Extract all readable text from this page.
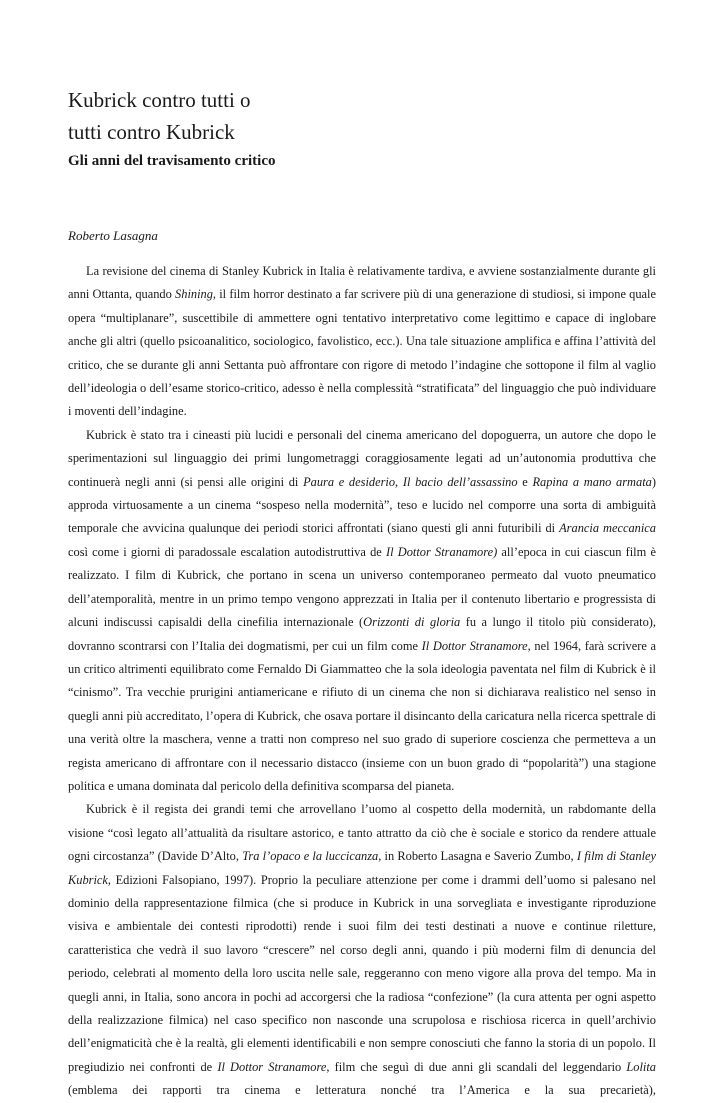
Kubrick contro tutti o
tutti contro Kubrick
Gli anni del travisamento critico

Roberto Lasagna

La revisione del cinema di Stanley Kubrick in Italia è relativamente tardiva, e avviene sostanzialmente durante gli anni Ottanta, quando Shining, il film horror destinato a far scrivere più di una generazione di studiosi, si impone quale opera “multiplanare”, suscettibile di ammettere ogni tentativo interpretativo come legittimo e capace di inglobare anche gli altri (quello psicoanalitico, sociologico, favolistico, ecc.). Una tale situazione amplifica e affina l’attività del critico, che se durante gli anni Settanta può affrontare con rigore di metodo l’indagine che sottopone il film al vaglio dell’ideologia o dell’esame storico-critico, adesso è nella complessità “stratificata” del linguaggio che può individuare i moventi dell’indagine.

Kubrick è stato tra i cineasti più lucidi e personali del cinema americano del dopoguerra, un autore che dopo le sperimentazioni sul linguaggio dei primi lungometraggi coraggiosamente legati ad un’autonomia produttiva che continuerà negli anni (si pensi alle origini di Paura e desiderio, Il bacio dell’assassino e Rapina a mano armata) approda virtuosamente a un cinema “sospeso nella modernità”, teso e lucido nel comporre una sorta di ambiguità temporale che avvicina qualunque dei periodi storici affrontati (siano questi gli anni futuribili di Arancia meccanica così come i giorni di paradossale escalation autodistruttiva de Il Dottor Stranamore) all’epoca in cui ciascun film è realizzato. I film di Kubrick, che portano in scena un universo contemporaneo permeato dal vuoto pneumatico dell’atemporalità, mentre in un primo tempo vengono apprezzati in Italia per il contenuto libertario e progressista di alcuni indiscussi capisaldi della cinefilia internazionale (Orizzonti di gloria fu a lungo il titolo più considerato), dovranno scontrarsi con l’Italia dei dogmatismi, per cui un film come Il Dottor Stranamore, nel 1964, farà scrivere a un critico altrimenti equilibrato come Fernaldo Di Giammatteo che la sola ideologia paventata nel film di Kubrick è il “cinismo”. Tra vecchie prurigini antiamericane e rifiuto di un cinema che non si dichiarava realistico nel senso in quegli anni più accreditato, l’opera di Kubrick, che osava portare il disincanto della caricatura nella ricerca spettrale di una verità oltre la maschera, venne a tratti non compreso nel suo grado di superiore coscienza che permetteva a un regista americano di affrontare con il necessario distacco (insieme con un buon grado di “popolarità”) una stagione politica e umana dominata dal pericolo della definitiva scomparsa del pianeta.

Kubrick è il regista dei grandi temi che arrovellano l’uomo al cospetto della modernità, un rabdomante della visione “così legato all’attualità da risultare astorico, e tanto attratto da ciò che è sociale e storico da rendere attuale ogni circostanza” (Davide D’Alto, Tra l’opaco e la luccicanza, in Roberto Lasagna e Saverio Zumbo, I film di Stanley Kubrick, Edizioni Falsopiano, 1997). Proprio la peculiare attenzione per come i drammi dell’uomo si palesano nel dominio della rappresentazione filmica (che si produce in Kubrick in una sorvegliata e investigante riproduzione visiva e ambientale dei contesti riprodotti) rende i suoi film dei testi destinati a nuove e continue riletture, caratteristica che vedrà il suo lavoro “crescere” nel corso degli anni, quando i più moderni film di denuncia del periodo, celebrati al momento della loro uscita nelle sale, reggeranno con meno vigore alla prova del tempo. Ma in quegli anni, in Italia, sono ancora in pochi ad accorgersi che la radiosa “confezione” (la cura attenta per ogni aspetto della realizzazione filmica) nel caso specifico non nasconde una scrupolosa e rischiosa ricerca in quell’archivio dell’enigmaticità che è la realtà, gli elementi identificabili e non sempre conosciuti che fanno la storia di un popolo. Il pregiudizio nei confronti de Il Dottor Stranamore, film che seguì di due anni gli scandali del leggendario Lolita (emblema dei rapporti tra cinema e letteratura nonché tra l’America e la sua precarietà),
